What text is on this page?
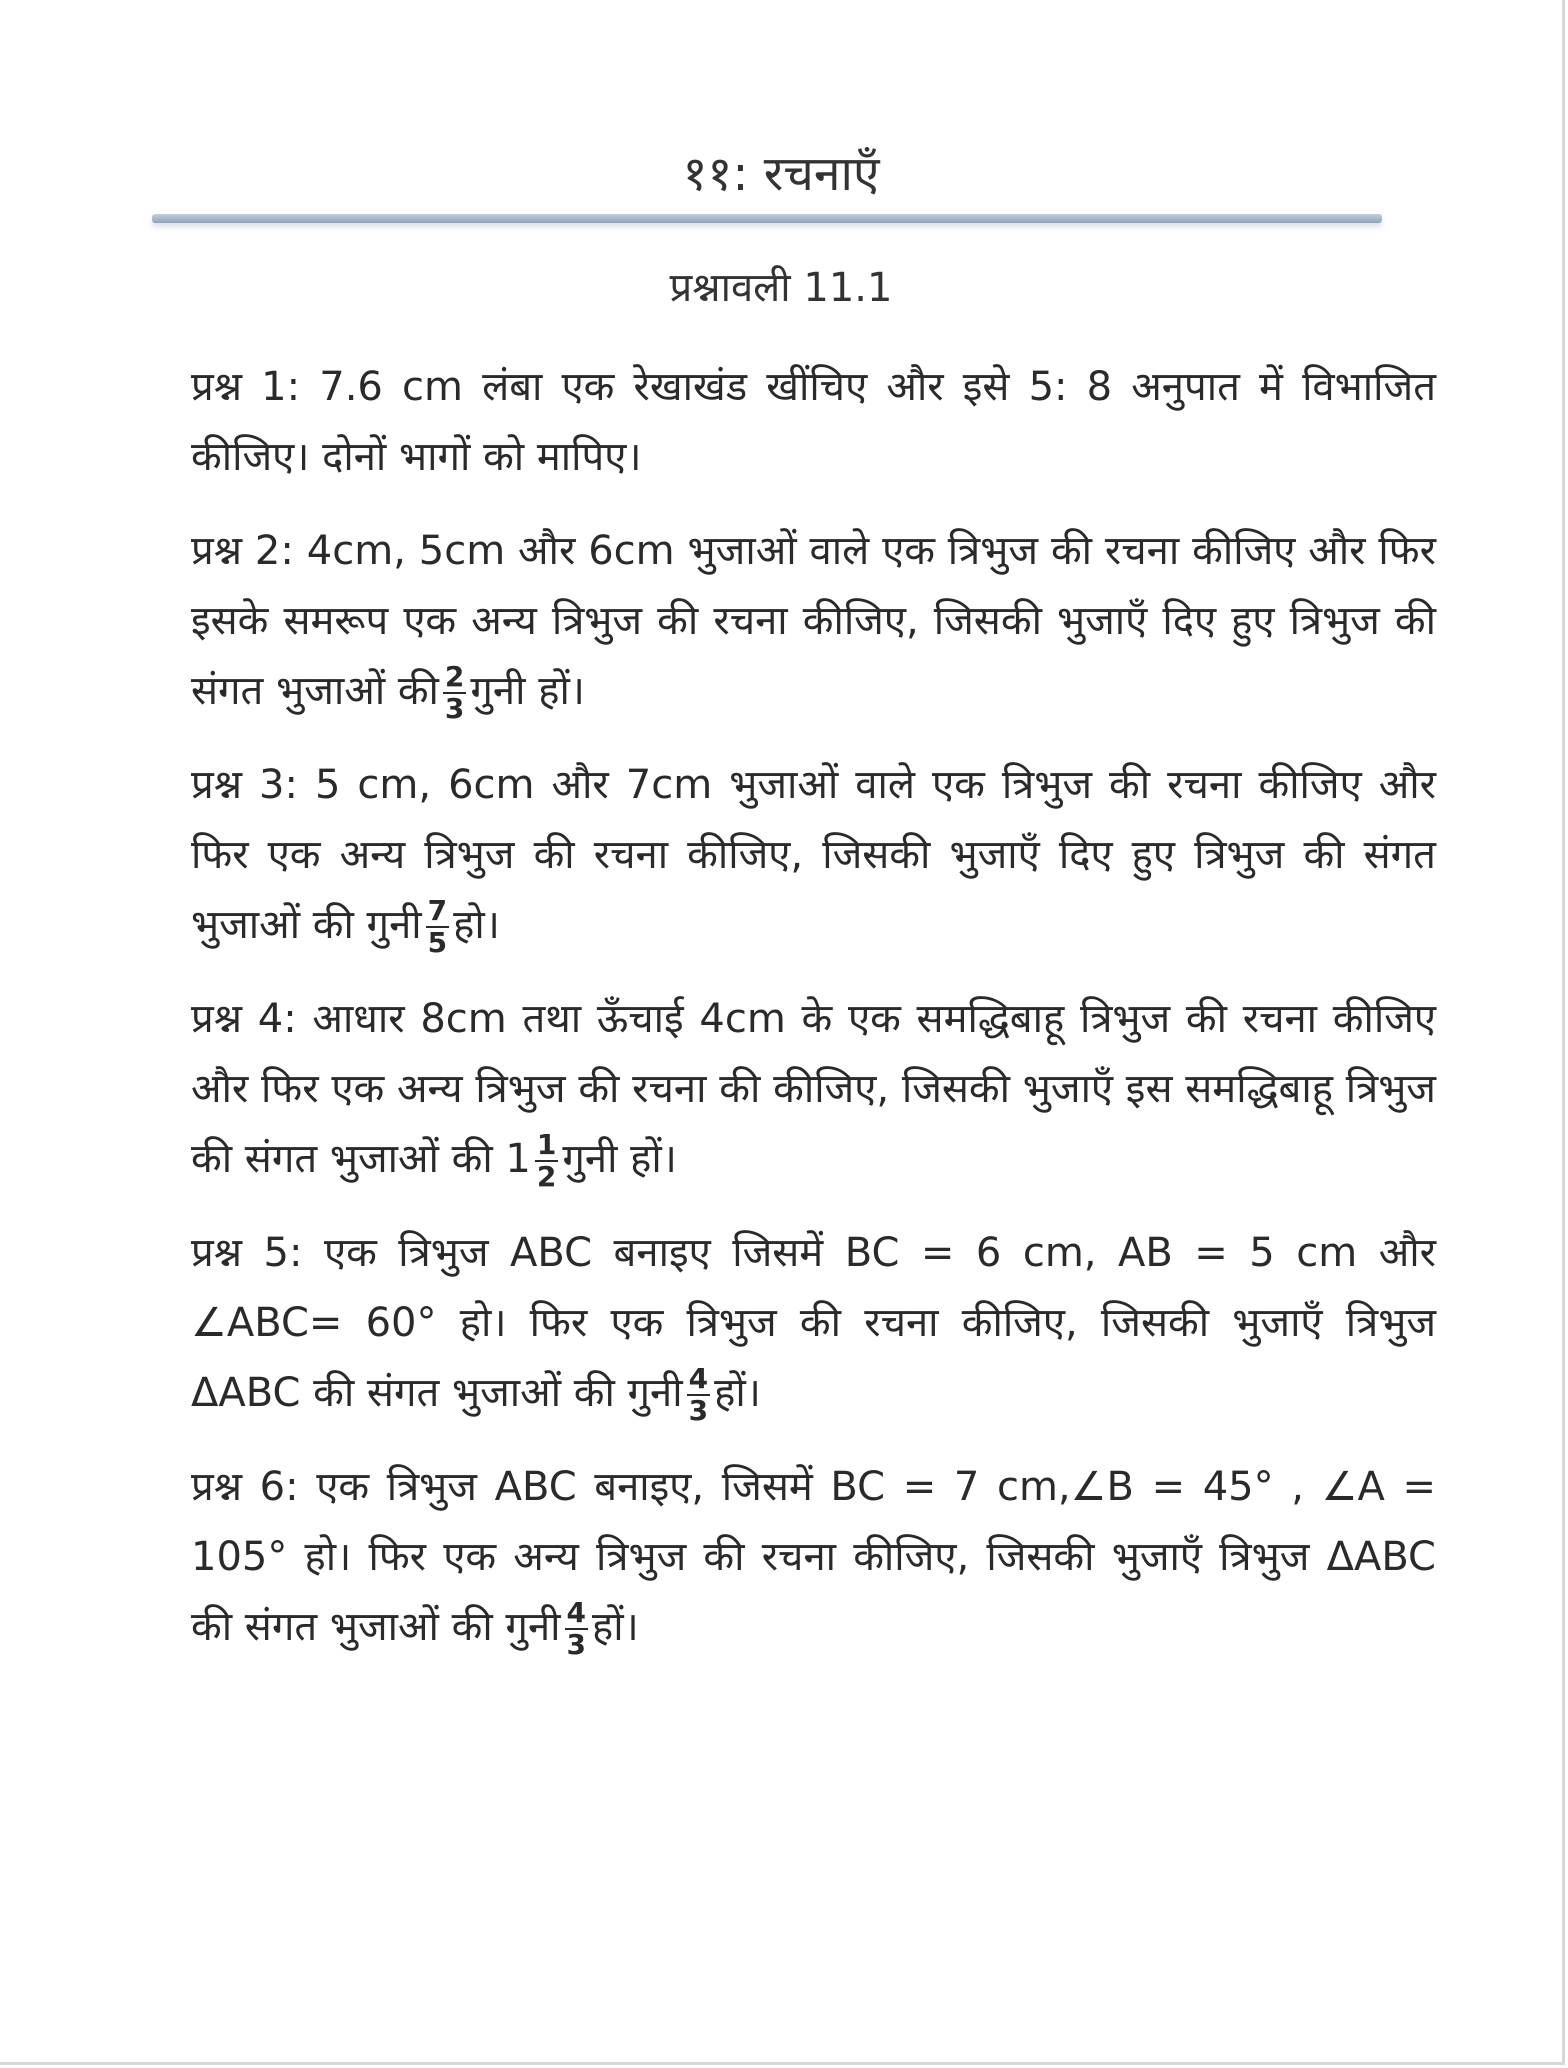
११: रचनाएँ
प्रश्नावली 11.1

प्रश्न 1: 7.6 cm लंबा एक रेखाखंड खींचिए और इसे 5: 8 अनुपात में विभाजित कीजिए। दोनों भागों को मापिए।

प्रश्न 2: 4cm, 5cm और 6cm भुजाओं वाले एक त्रिभुज की रचना कीजिए और फिर इसके समरूप एक अन्य त्रिभुज की रचना कीजिए, जिसकी भुजाएँ दिए हुए त्रिभुज की संगत भुजाओं की $\frac{2}{3}$ गुनी हों।

प्रश्न 3: 5 cm, 6cm और 7cm भुजाओं वाले एक त्रिभुज की रचना कीजिए और फिर एक अन्य त्रिभुज की रचना कीजिए, जिसकी भुजाएँ दिए हुए त्रिभुज की संगत भुजाओं की गुनी $\frac{7}{5}$ हो।

प्रश्न 4: आधार 8cm तथा ऊँचाई 4cm के एक समद्धिबाहू त्रिभुज की रचना कीजिए और फिर एक अन्य त्रिभुज की रचना की कीजिए, जिसकी भुजाएँ इस समद्धिबाहू त्रिभुज की संगत भुजाओं की $1 \frac{1}{2}$ गुनी हों।

प्रश्न 5: एक त्रिभुज ABC बनाइए जिसमें BC = 6 cm, AB = 5 cm और ∠ABC= 60° हो। फिर एक त्रिभुज की रचना कीजिए, जिसकी भुजाएँ त्रिभुज ΔABC की संगत भुजाओं की गुनी $\frac{4}{3}$ हों।

प्रश्न 6: एक त्रिभुज ABC बनाइए, जिसमें BC = 7 cm,∠B = 45° , ∠A = 105° हो। फिर एक अन्य त्रिभुज की रचना कीजिए, जिसकी भुजाएँ त्रिभुज ΔABC की संगत भुजाओं की गुनी $\frac{4}{3}$ हों।
